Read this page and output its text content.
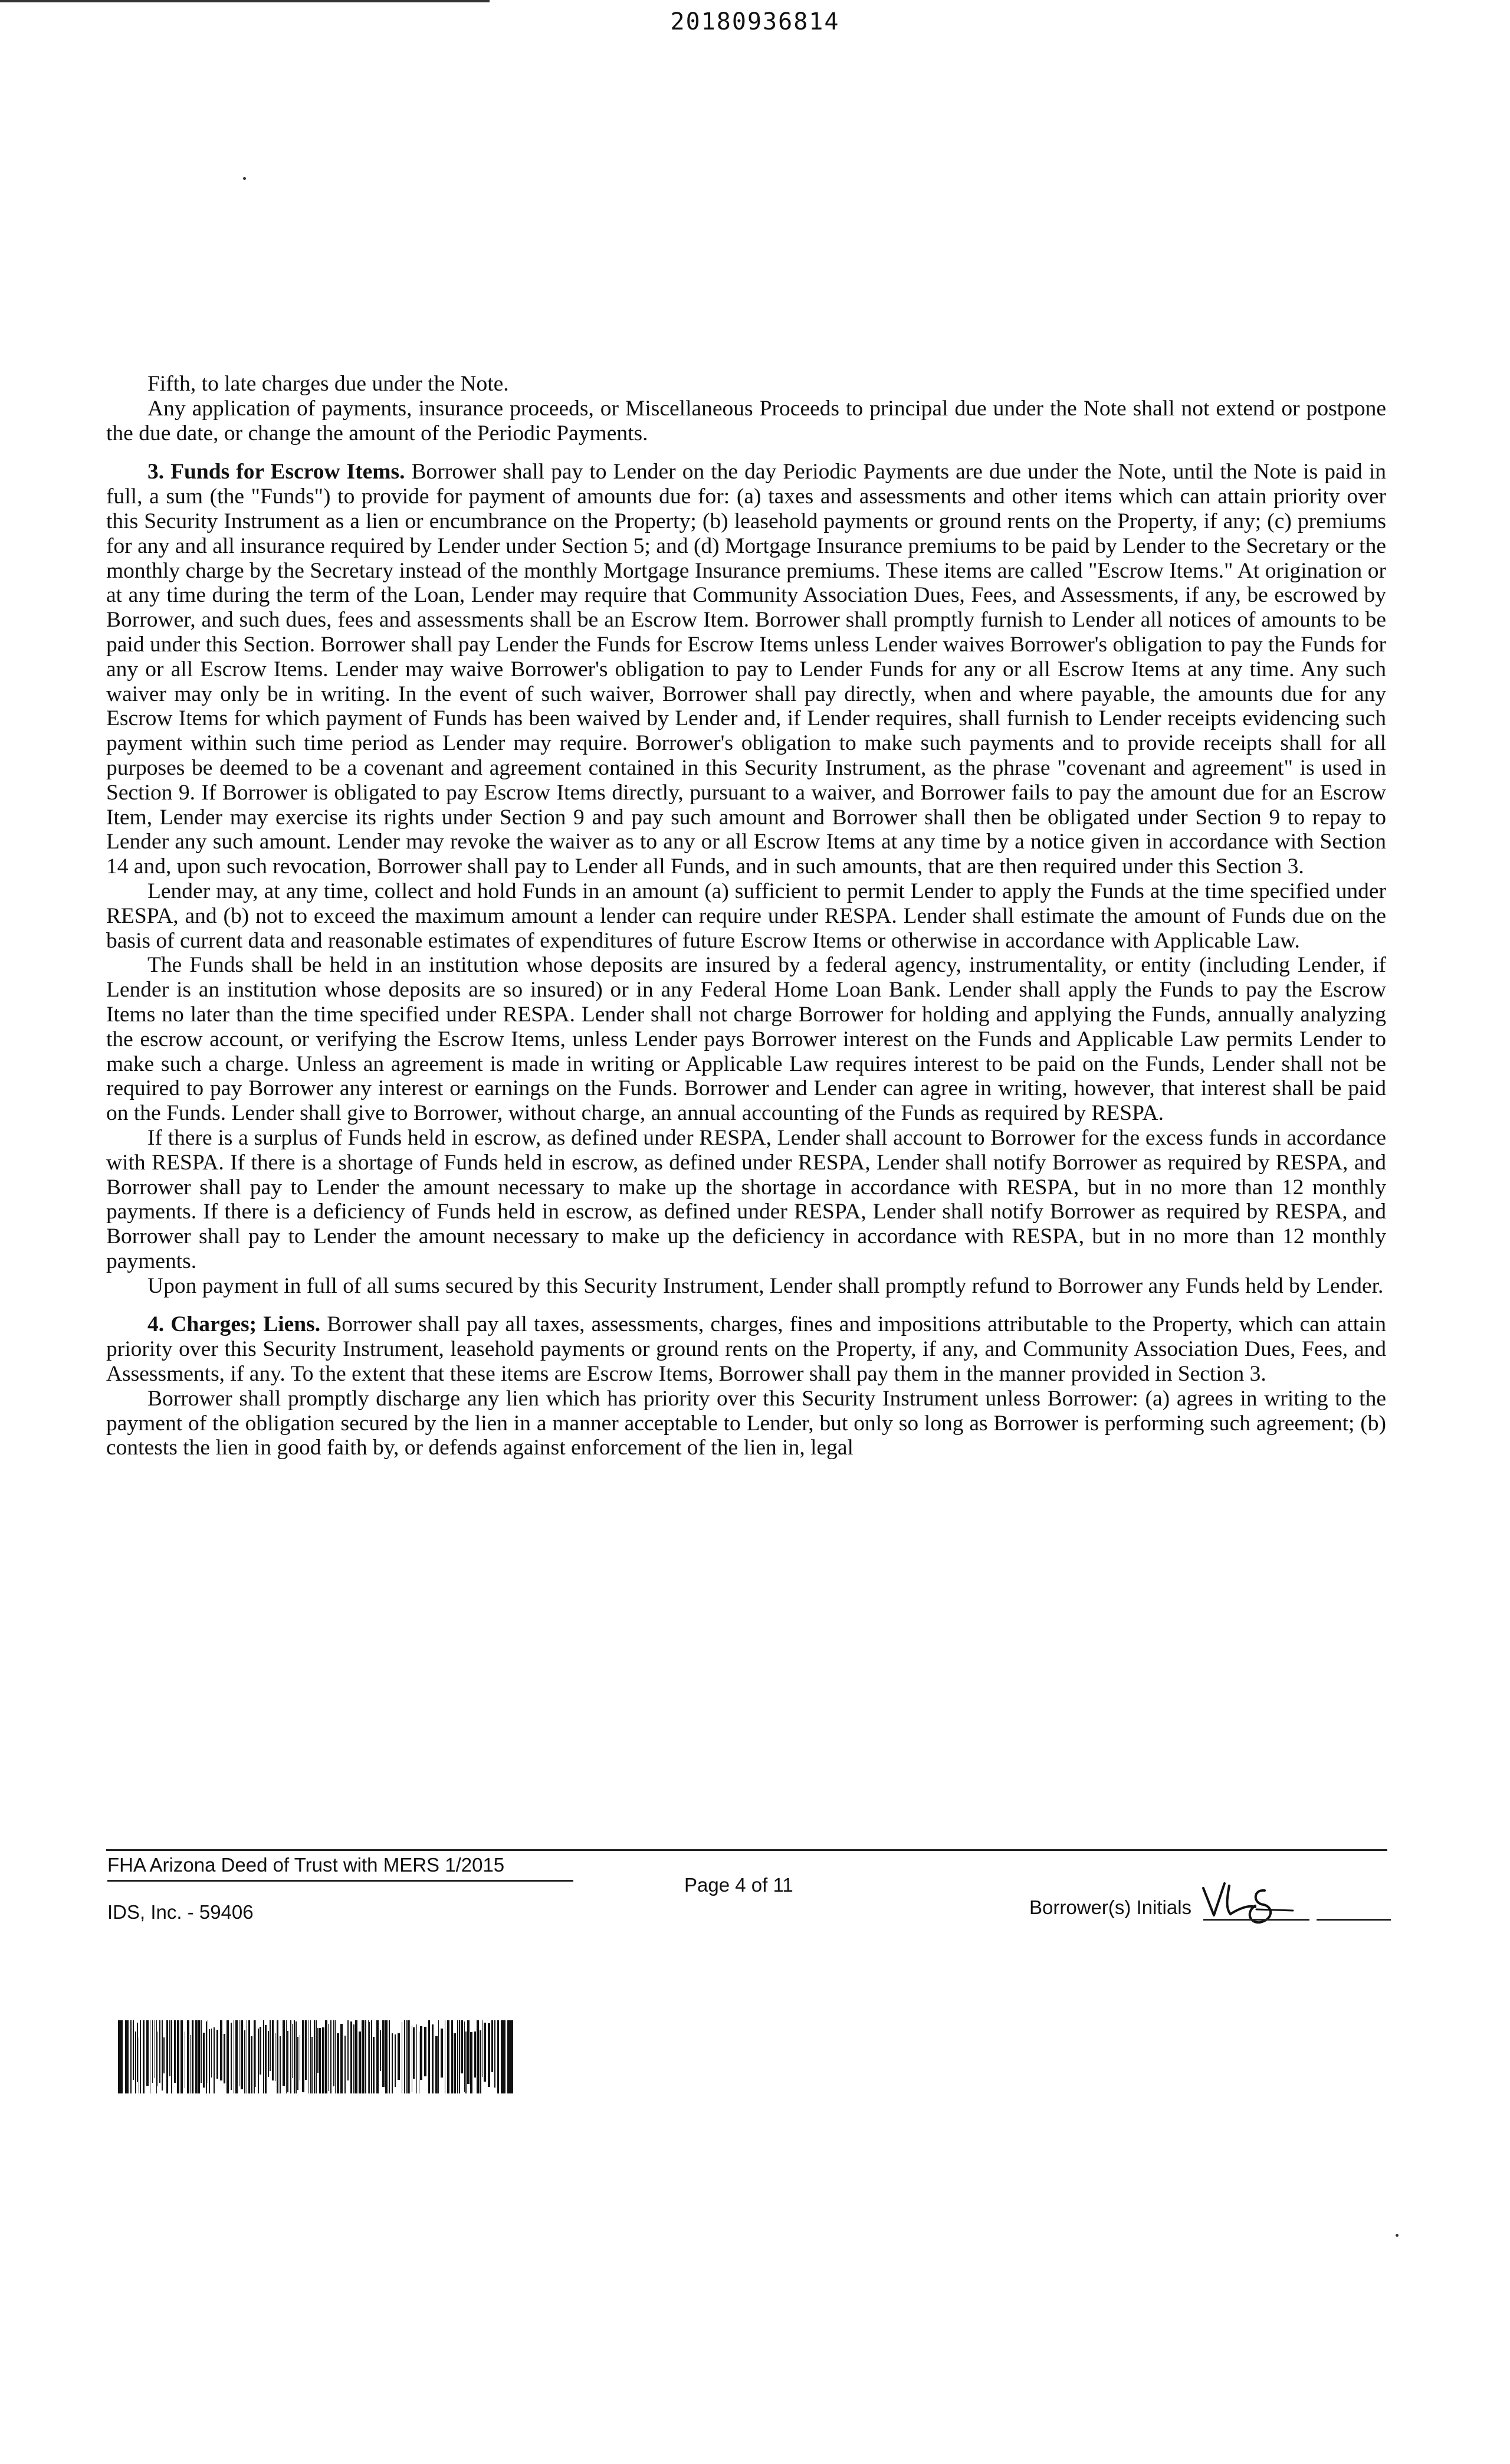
20180936814

Fifth, to late charges due under the Note.

Any application of payments, insurance proceeds, or Miscellaneous Proceeds to principal due under the Note shall not extend or postpone the due date, or change the amount of the Periodic Payments.

3. Funds for Escrow Items. Borrower shall pay to Lender on the day Periodic Payments are due under the Note, until the Note is paid in full, a sum (the "Funds") to provide for payment of amounts due for: (a) taxes and assessments and other items which can attain priority over this Security Instrument as a lien or encumbrance on the Property; (b) leasehold payments or ground rents on the Property, if any; (c) premiums for any and all insurance required by Lender under Section 5; and (d) Mortgage Insurance premiums to be paid by Lender to the Secretary or the monthly charge by the Secretary instead of the monthly Mortgage Insurance premiums. These items are called "Escrow Items." At origination or at any time during the term of the Loan, Lender may require that Community Association Dues, Fees, and Assessments, if any, be escrowed by Borrower, and such dues, fees and assessments shall be an Escrow Item. Borrower shall promptly furnish to Lender all notices of amounts to be paid under this Section. Borrower shall pay Lender the Funds for Escrow Items unless Lender waives Borrower's obligation to pay the Funds for any or all Escrow Items. Lender may waive Borrower's obligation to pay to Lender Funds for any or all Escrow Items at any time. Any such waiver may only be in writing. In the event of such waiver, Borrower shall pay directly, when and where payable, the amounts due for any Escrow Items for which payment of Funds has been waived by Lender and, if Lender requires, shall furnish to Lender receipts evidencing such payment within such time period as Lender may require. Borrower's obligation to make such payments and to provide receipts shall for all purposes be deemed to be a covenant and agreement contained in this Security Instrument, as the phrase "covenant and agreement" is used in Section 9. If Borrower is obligated to pay Escrow Items directly, pursuant to a waiver, and Borrower fails to pay the amount due for an Escrow Item, Lender may exercise its rights under Section 9 and pay such amount and Borrower shall then be obligated under Section 9 to repay to Lender any such amount. Lender may revoke the waiver as to any or all Escrow Items at any time by a notice given in accordance with Section 14 and, upon such revocation, Borrower shall pay to Lender all Funds, and in such amounts, that are then required under this Section 3.

Lender may, at any time, collect and hold Funds in an amount (a) sufficient to permit Lender to apply the Funds at the time specified under RESPA, and (b) not to exceed the maximum amount a lender can require under RESPA. Lender shall estimate the amount of Funds due on the basis of current data and reasonable estimates of expenditures of future Escrow Items or otherwise in accordance with Applicable Law.

The Funds shall be held in an institution whose deposits are insured by a federal agency, instrumentality, or entity (including Lender, if Lender is an institution whose deposits are so insured) or in any Federal Home Loan Bank. Lender shall apply the Funds to pay the Escrow Items no later than the time specified under RESPA. Lender shall not charge Borrower for holding and applying the Funds, annually analyzing the escrow account, or verifying the Escrow Items, unless Lender pays Borrower interest on the Funds and Applicable Law permits Lender to make such a charge. Unless an agreement is made in writing or Applicable Law requires interest to be paid on the Funds, Lender shall not be required to pay Borrower any interest or earnings on the Funds. Borrower and Lender can agree in writing, however, that interest shall be paid on the Funds. Lender shall give to Borrower, without charge, an annual accounting of the Funds as required by RESPA.

If there is a surplus of Funds held in escrow, as defined under RESPA, Lender shall account to Borrower for the excess funds in accordance with RESPA. If there is a shortage of Funds held in escrow, as defined under RESPA, Lender shall notify Borrower as required by RESPA, and Borrower shall pay to Lender the amount necessary to make up the shortage in accordance with RESPA, but in no more than 12 monthly payments. If there is a deficiency of Funds held in escrow, as defined under RESPA, Lender shall notify Borrower as required by RESPA, and Borrower shall pay to Lender the amount necessary to make up the deficiency in accordance with RESPA, but in no more than 12 monthly payments.

Upon payment in full of all sums secured by this Security Instrument, Lender shall promptly refund to Borrower any Funds held by Lender.

4. Charges; Liens. Borrower shall pay all taxes, assessments, charges, fines and impositions attributable to the Property, which can attain priority over this Security Instrument, leasehold payments or ground rents on the Property, if any, and Community Association Dues, Fees, and Assessments, if any. To the extent that these items are Escrow Items, Borrower shall pay them in the manner provided in Section 3.

Borrower shall promptly discharge any lien which has priority over this Security Instrument unless Borrower: (a) agrees in writing to the payment of the obligation secured by the lien in a manner acceptable to Lender, but only so long as Borrower is performing such agreement; (b) contests the lien in good faith by, or defends against enforcement of the lien in, legal

FHA Arizona Deed of Trust with MERS 1/2015
IDS, Inc. - 59406
Page 4 of 11
Borrower(s) Initials
